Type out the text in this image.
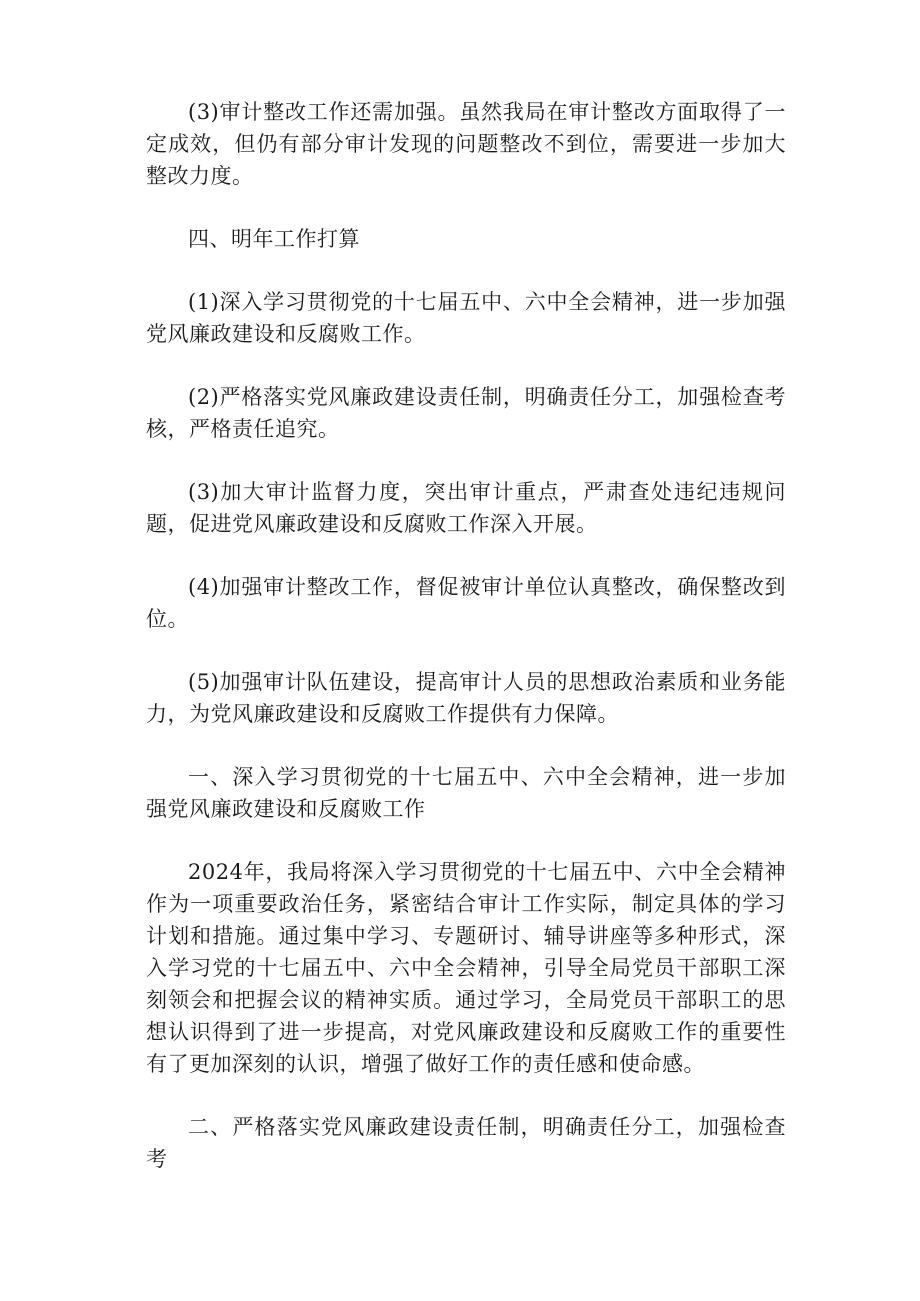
(3)审计整改工作还需加强。虽然我局在审计整改方面取得了一定成效，但仍有部分审计发现的问题整改不到位，需要进一步加大整改力度。

四、明年工作打算

(1)深入学习贯彻党的十七届五中、六中全会精神，进一步加强党风廉政建设和反腐败工作。

(2)严格落实党风廉政建设责任制，明确责任分工，加强检查考核，严格责任追究。

(3)加大审计监督力度，突出审计重点，严肃查处违纪违规问题，促进党风廉政建设和反腐败工作深入开展。

(4)加强审计整改工作，督促被审计单位认真整改，确保整改到位。

(5)加强审计队伍建设，提高审计人员的思想政治素质和业务能力，为党风廉政建设和反腐败工作提供有力保障。

一、深入学习贯彻党的十七届五中、六中全会精神，进一步加强党风廉政建设和反腐败工作

2024年，我局将深入学习贯彻党的十七届五中、六中全会精神作为一项重要政治任务，紧密结合审计工作实际，制定具体的学习计划和措施。通过集中学习、专题研讨、辅导讲座等多种形式，深入学习党的十七届五中、六中全会精神，引导全局党员干部职工深刻领会和把握会议的精神实质。通过学习，全局党员干部职工的思想认识得到了进一步提高，对党风廉政建设和反腐败工作的重要性有了更加深刻的认识，增强了做好工作的责任感和使命感。

二、严格落实党风廉政建设责任制，明确责任分工，加强检查考
